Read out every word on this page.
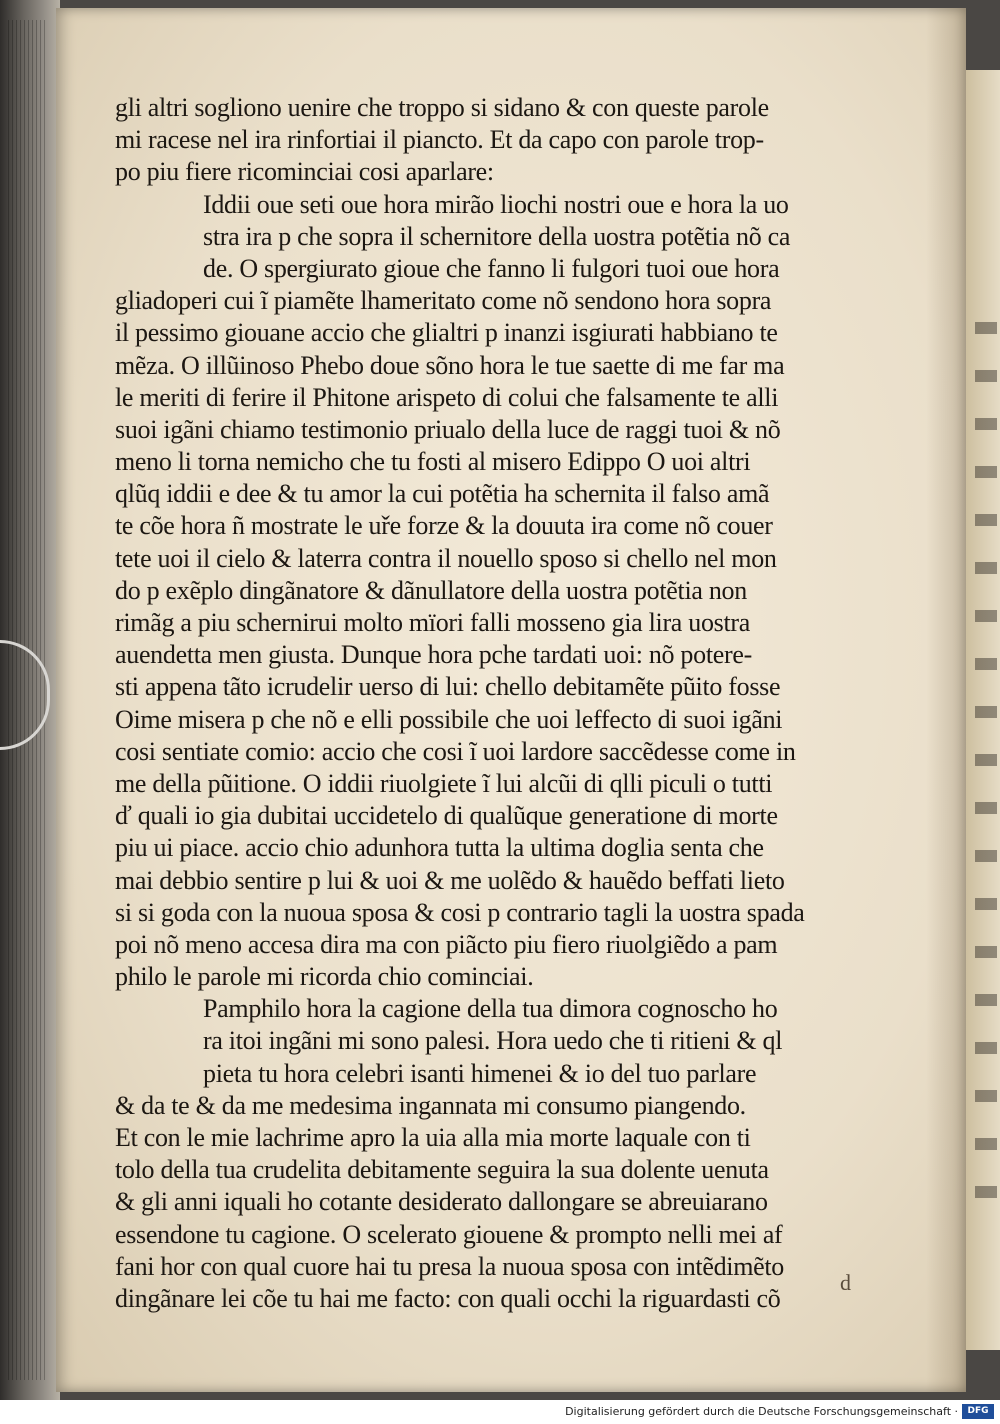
gli altri sogliono uenire che troppo si sidano & con queste parole
mi racese nel ira rinfortiai il piancto. Et da capo con parole trop-
po piu fiere ricominciai cosi aparlare:
Iddii oue seti oue hora mirão liochi nostri oue e hora la uo
stra ira p che sopra il schernitore della uostra potẽtia nõ ca
de. O spergiurato gioue che fanno li fulgori tuoi oue hora
gliadoperi cui ĩ piamẽte lhameritato come nõ sendono hora sopra
il pessimo giouane accio che glialtri p inanzi isgiurati habbiano te
mẽza. O illũinoso Phebo doue sõno hora le tue saette di me far ma
le meriti di ferire il Phitone arispeto di colui che falsamente te alli
suoi igãni chiamo testimonio priualo della luce de raggi tuoi & nõ
meno li torna nemicho che tu fosti al misero Edippo O uoi altri
qlũq iddii e dee & tu amor la cui potẽtia ha schernita il falso amã
te cõe hora ñ mostrate le uře forze & la douuta ira come nõ couer
tete uoi il cielo & laterra contra il nouello sposo si chello nel mon
do p exẽplo dingãnatore & dãnullatore della uostra potẽtia non
rimãg a piu schernirui molto mïori falli mosseno gia lira uostra
auendetta men giusta. Dunque hora pche tardati uoi: nõ potere-
sti appena tãto icrudelir uerso di lui: chello debitamẽte pũito fosse
Oime misera p che nõ e elli possibile che uoi leffecto di suoi igãni
cosi sentiate comio: accio che cosi ĩ uoi lardore saccẽdesse come in
me della pũitione. O iddii riuolgiete ĩ lui alcũi di qlli piculi o tutti
ď quali io gia dubitai uccidetelo di qualũque generatione di morte
piu ui piace. accio chio adunhora tutta la ultima doglia senta che
mai debbio sentire p lui & uoi & me uolẽdo & hauẽdo beffati lieto
si si goda con la nuoua sposa & cosi p contrario tagli la uostra spada
poi nõ meno accesa dira ma con piãcto piu fiero riuolgiẽdo a pam
philo le parole mi ricorda chio cominciai.
Pamphilo hora la cagione della tua dimora cognoscho ho
ra itoi ingãni mi sono palesi. Hora uedo che ti ritieni & ql
pieta tu hora celebri isanti himenei & io del tuo parlare
& da te & da me medesima ingannata mi consumo piangendo.
Et con le mie lachrime apro la uia alla mia morte laquale con ti
tolo della tua crudelita debitamente seguira la sua dolente uenuta
& gli anni iquali ho cotante desiderato dallongare se abreuiarano
essendone tu cagione. O scelerato giouene & prompto nelli mei af
fani hor con qual cuore hai tu presa la nuoua sposa con intẽdimẽto
dingãnare lei cõe tu hai me facto: con quali occhi la riguardasti cõ
d
Digitalisierung gefördert durch die Deutsche Forschungsgemeinschaft ·	DFG
